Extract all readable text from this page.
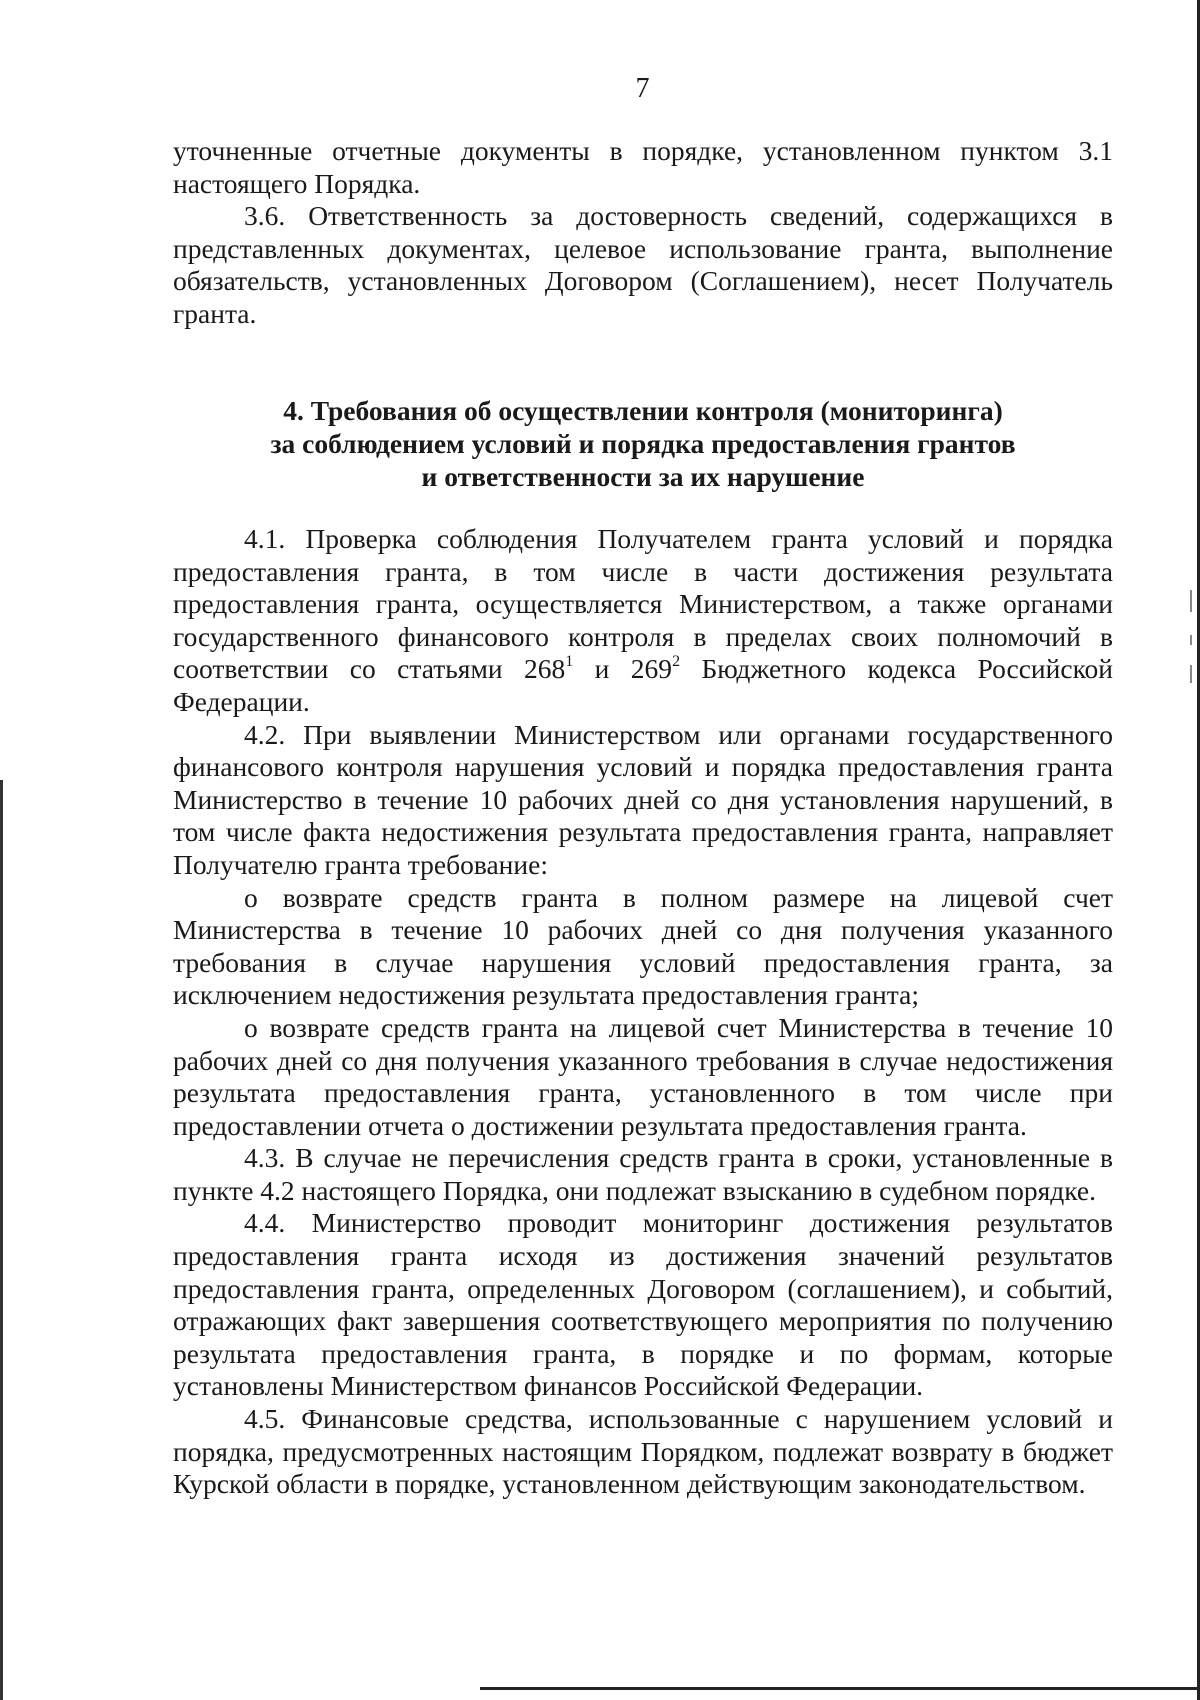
7

уточненные отчетные документы в порядке, установленном пунктом 3.1 настоящего Порядка.

3.6. Ответственность за достоверность сведений, содержащихся в представленных документах, целевое использование гранта, выполнение обязательств, установленных Договором (Соглашением), несет Получатель гранта.

4. Требования об осуществлении контроля (мониторинга)
за соблюдением условий и порядка предоставления грантов
и ответственности за их нарушение

4.1. Проверка соблюдения Получателем гранта условий и порядка предоставления гранта, в том числе в части достижения результата предоставления гранта, осуществляется Министерством, а также органами государственного финансового контроля в пределах своих полномочий в соответствии со статьями $268^1$ и $269^2$ Бюджетного кодекса Российской Федерации.

4.2. При выявлении Министерством или органами государственного финансового контроля нарушения условий и порядка предоставления гранта Министерство в течение 10 рабочих дней со дня установления нарушений, в том числе факта недостижения результата предоставления гранта, направляет Получателю гранта требование:

о возврате средств гранта в полном размере на лицевой счет Министерства в течение 10 рабочих дней со дня получения указанного требования в случае нарушения условий предоставления гранта, за исключением недостижения результата предоставления гранта;

о возврате средств гранта на лицевой счет Министерства в течение 10 рабочих дней со дня получения указанного требования в случае недостижения результата предоставления гранта, установленного в том числе при предоставлении отчета о достижении результата предоставления гранта.

4.3. В случае не перечисления средств гранта в сроки, установленные в пункте 4.2 настоящего Порядка, они подлежат взысканию в судебном порядке.

4.4. Министерство проводит мониторинг достижения результатов предоставления гранта исходя из достижения значений результатов предоставления гранта, определенных Договором (соглашением), и событий, отражающих факт завершения соответствующего мероприятия по получению результата предоставления гранта, в порядке и по формам, которые установлены Министерством финансов Российской Федерации.

4.5. Финансовые средства, использованные с нарушением условий и порядка, предусмотренных настоящим Порядком, подлежат возврату в бюджет Курской области в порядке, установленном действующим законодательством.
